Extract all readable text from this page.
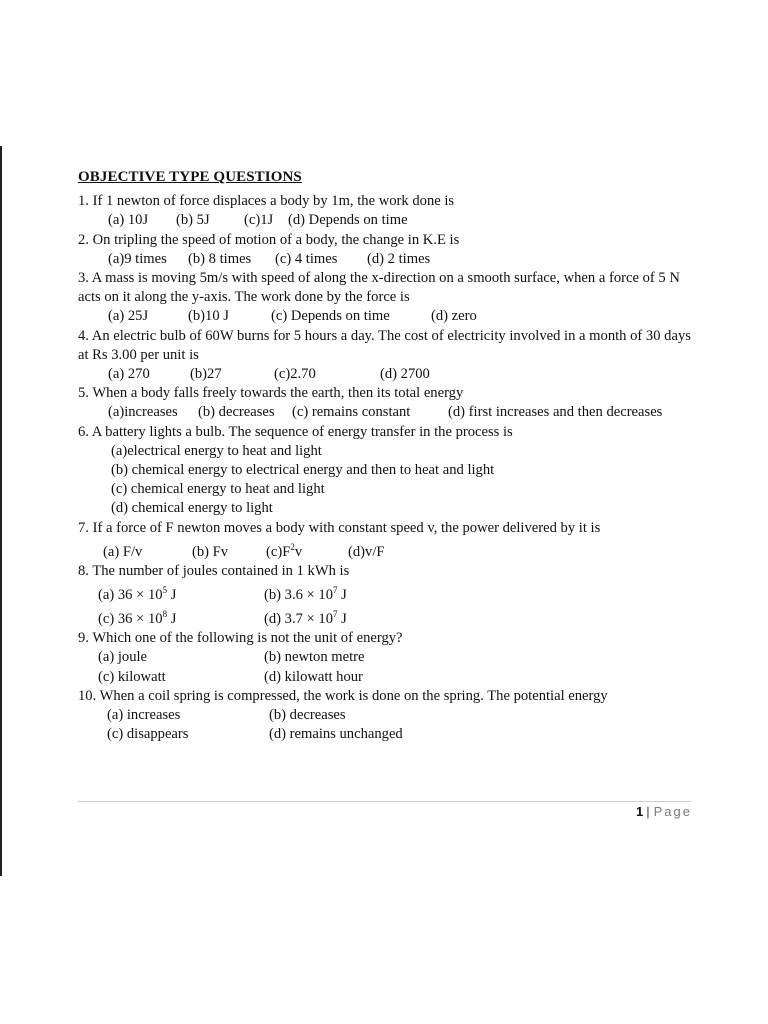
OBJECTIVE TYPE QUESTIONS
1. If 1 newton of force displaces a body by 1m, the work done is
(a) 10J (b) 5J (c)1J (d) Depends on time
2. On tripling the speed of motion of a body, the change in K.E is
(a)9 times (b) 8 times (c) 4 times (d) 2 times
3. A mass is moving 5m/s with speed of along the x-direction on a smooth surface, when a force of 5 N acts on it along the y-axis. The work done by the force is
(a) 25J	(b)10 J	(c) Depends on time	(d) zero
4. An electric bulb of 60W burns for 5 hours a day. The cost of electricity involved in a month of 30 days at Rs 3.00 per unit is
(a) 270	(b)27	(c)2.70	(d) 2700
5. When a body falls freely towards the earth, then its total energy
(a)increases (b) decreases (c) remains constant	(d) first increases and then decreases
6. A battery lights a bulb. The sequence of energy transfer in the process is
(a)electrical energy to heat and light
(b) chemical energy to electrical energy and then to heat and light
(c) chemical energy to heat and light
(d) chemical energy to light
7. If a force of F newton moves a body with constant speed v, the power delivered by it is
(a) F/v	(b) Fv	$(c)F^2v$	(d)v/F
8. The number of joules contained in 1 kWh is
(a) $36 \times 10^5$ J	(b) $3.6 \times 10^7$ J
(c) $36 \times 10^8$ J	(d) $3.7 \times 10^7$ J
9. Which one of the following is not the unit of energy?
(a) joule	(b) newton metre
(c) kilowatt	(d) kilowatt hour
10. When a coil spring is compressed, the work is done on the spring. The potential energy
(a) increases	(b) decreases
(c) disappears	(d) remains unchanged
1 | Page
